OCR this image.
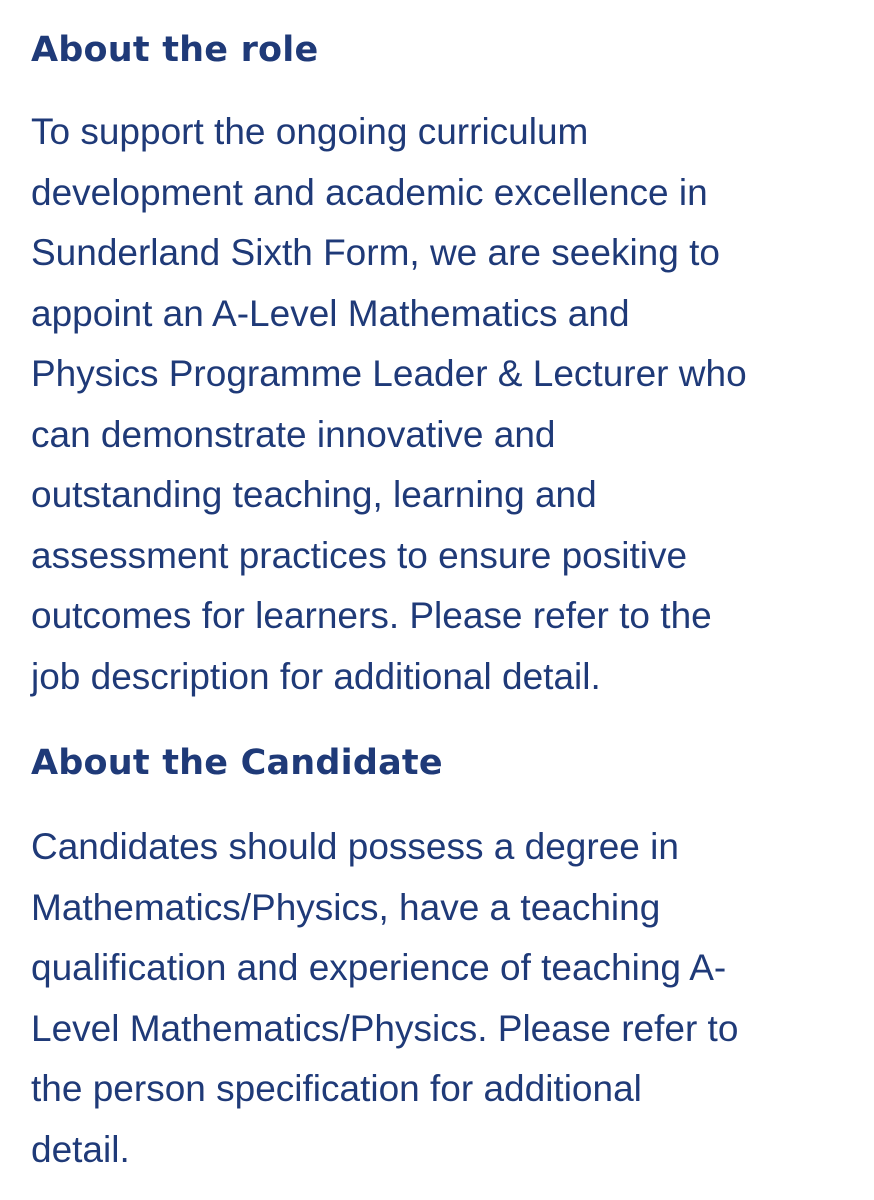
About the role
To support the ongoing curriculum
development and academic excellence in
Sunderland Sixth Form, we are seeking to
appoint an A-Level Mathematics and
Physics Programme Leader & Lecturer who
can demonstrate innovative and
outstanding teaching, learning and
assessment practices to ensure positive
outcomes for learners. Please refer to the
job description for additional detail.
About the Candidate
Candidates should possess a degree in
Mathematics/Physics, have a teaching
qualification and experience of teaching A-
Level Mathematics/Physics. Please refer to
the person specification for additional
detail.
